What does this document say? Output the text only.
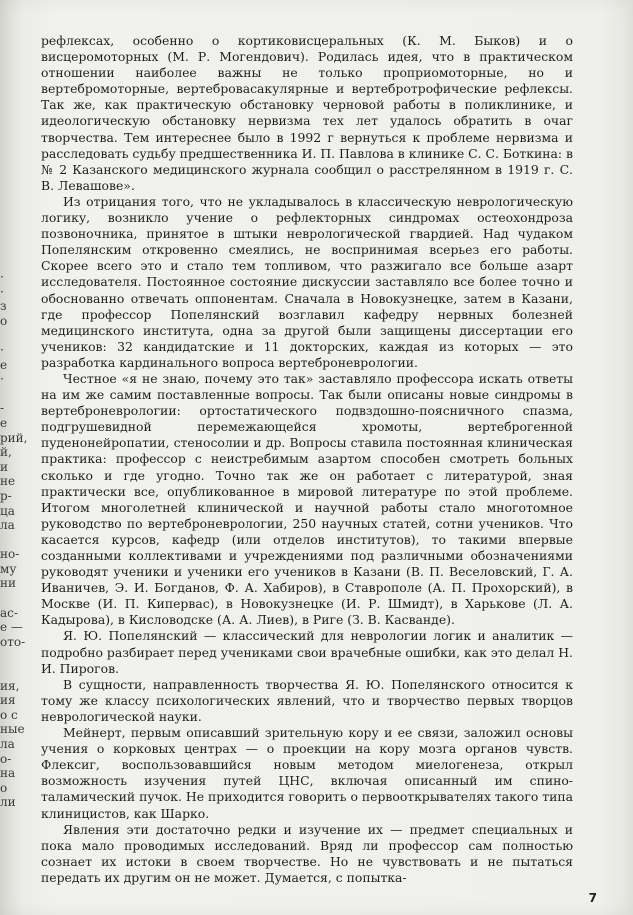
·
·
з
о
·
е
·
-
е
рий,
й,
и
не
р-
ца
ла
но-
му
ни
ас-
е —
ото-
ия,
ия
о с
ные
ла
о-
на
о
ли

рефлексах, особенно о кортиковисцеральных (К. М. Быков) и о висцеромоторных (М. Р. Могендович). Родилась идея, что в практическом отношении наиболее важны не только проприомоторные, но и вертебромоторные, вертебровасакулярные и вертебротрофические рефлексы. Так же, как практическую обстановку черновой работы в поликлинике, и идеологическую обстановку нервизма тех лет удалось обратить в очаг творчества. Тем интереснее было в 1992 г вернуться к проблеме нервизма и расследовать судьбу предшественника И. П. Павлова в клинике С. С. Боткина: в № 2 Казанского медицинского журнала сообщил о расстрелянном в 1919 г. С. В. Левашове».

Из отрицания того, что не укладывалось в классическую неврологическую логику, возникло учение о рефлекторных синдромах остеохондроза позвоночника, принятое в штыки неврологической гвардией. Над чудаком Попелянским откровенно смеялись, не воспринимая всерьез его работы. Скорее всего это и стало тем топливом, что разжигало все больше азарт исследователя. Постоянное состояние дискуссии заставляло все более точно и обоснованно отвечать оппонентам. Сначала в Новокузнецке, затем в Казани, где профессор Попелянский возглавил кафедру нервных болезней медицинского института, одна за другой были защищены диссертации его учеников: 32 кандидатские и 11 докторских, каждая из которых — это разработка кардинального вопроса вертеброневрологии.

Честное «я не знаю, почему это так» заставляло профессора искать ответы на им же самим поставленные вопросы. Так были описаны новые синдромы в вертеброневрологии: ортостатического подвздошно-поясничного спазма, подгрушевидной перемежающейся хромоты, вертеброгенной пуденонейропатии, стеносолии и др. Вопросы ставила постоянная клиническая практика: профессор с неистребимым азартом способен смотреть больных сколько и где угодно. Точно так же он работает с литературой, зная практически все, опубликованное в мировой литературе по этой проблеме. Итогом многолетней клинической и научной работы стало многотомное руководство по вертеброневрологии, 250 научных статей, сотни учеников. Что касается курсов, кафедр (или отделов институтов), то такими впервые созданными коллективами и учреждениями под различными обозначениями руководят ученики и ученики его учеников в Казани (В. П. Веселовский, Г. А. Иваничев, Э. И. Богданов, Ф. А. Хабиров), в Ставрополе (А. П. Прохорский), в Москве (И. П. Кипервас), в Новокузнецке (И. Р. Шмидт), в Харькове (Л. А. Кадырова), в Кисловодске (А. А. Лиев), в Риге (З. В. Касванде).

Я. Ю. Попелянский — классический для неврологии логик и аналитик — подробно разбирает перед учениками свои врачебные ошибки, как это делал Н. И. Пирогов.

В сущности, направленность творчества Я. Ю. Попелянского относится к тому же классу психологических явлений, что и творчество первых творцов неврологической науки.

Мейнерт, первым описавший зрительную кору и ее связи, заложил основы учения о корковых центрах — о проекции на кору мозга органов чувств. Флексиг, воспользовавшийся новым методом миелогенеза, открыл возможность изучения путей ЦНС, включая описанный им спино-таламический пучок. Не приходится говорить о первооткрывателях такого типа клиницистов, как Шарко.

Явления эти достаточно редки и изучение их — предмет специальных и пока мало проводимых исследований. Вряд ли профессор сам полностью сознает их истоки в своем творчестве. Но не чувствовать и не пытаться передать их другим он не может. Думается, с попытка-

7
